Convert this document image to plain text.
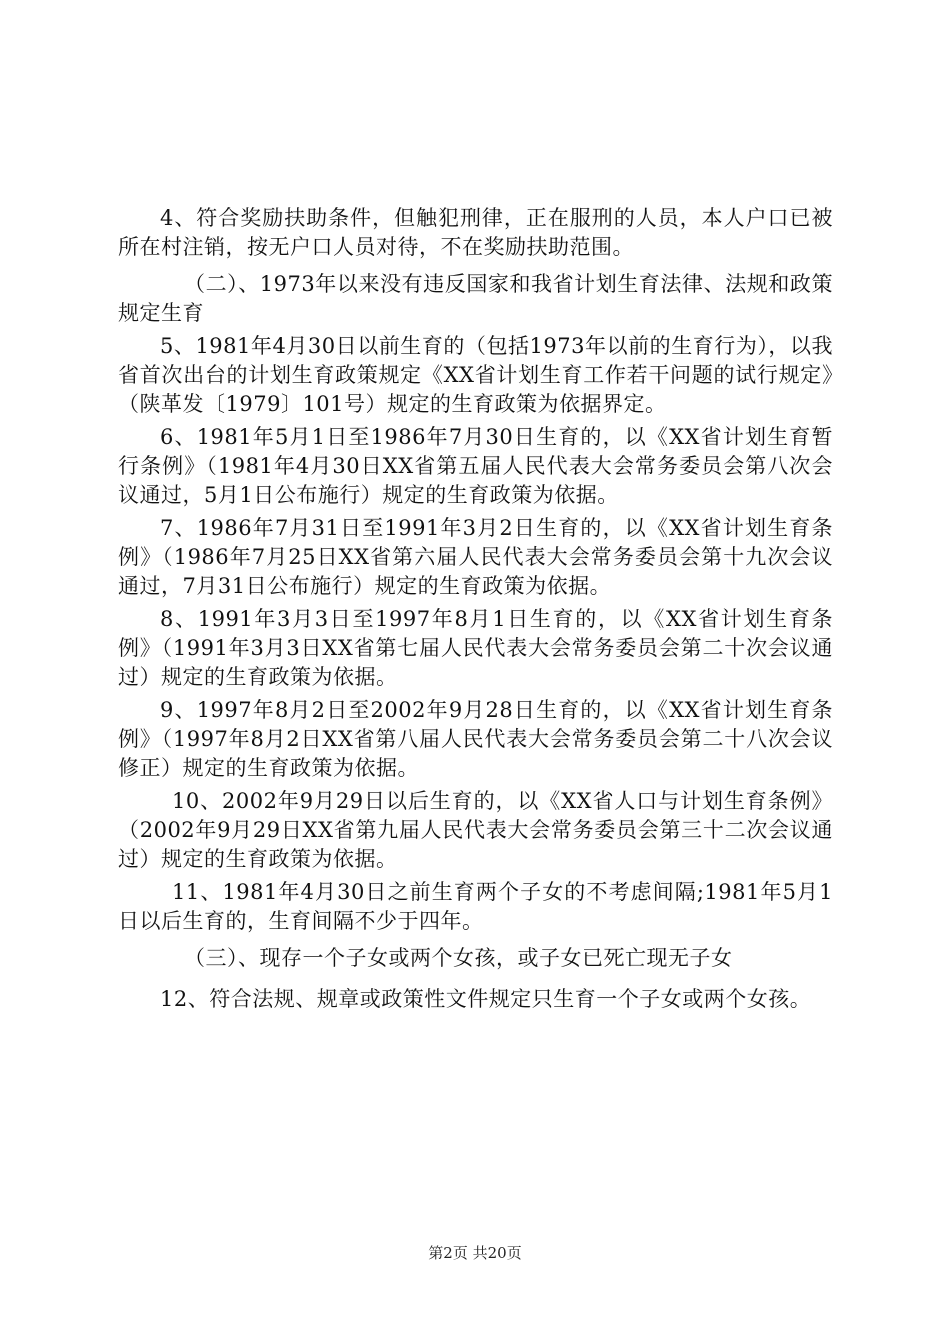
4、符合奖励扶助条件，但触犯刑律，正在服刑的人员，本人户口已被所在村注销，按无户口人员对待，不在奖励扶助范围。

（二）、1973年以来没有违反国家和我省计划生育法律、法规和政策规定生育

5、1981年4月30日以前生育的（包括1973年以前的生育行为），以我省首次出台的计划生育政策规定《XX省计划生育工作若干问题的试行规定》（陕革发〔1979〕101号）规定的生育政策为依据界定。

6、1981年5月1日至1986年7月30日生育的，以《XX省计划生育暂行条例》（1981年4月30日XX省第五届人民代表大会常务委员会第八次会议通过，5月1日公布施行）规定的生育政策为依据。

7、1986年7月31日至1991年3月2日生育的，以《XX省计划生育条例》（1986年7月25日XX省第六届人民代表大会常务委员会第十九次会议通过，7月31日公布施行）规定的生育政策为依据。

8、1991年3月3日至1997年8月1日生育的，以《XX省计划生育条例》（1991年3月3日XX省第七届人民代表大会常务委员会第二十次会议通过）规定的生育政策为依据。

9、1997年8月2日至2002年9月28日生育的，以《XX省计划生育条例》（1997年8月2日XX省第八届人民代表大会常务委员会第二十八次会议修正）规定的生育政策为依据。

10、2002年9月29日以后生育的，以《XX省人口与计划生育条例》（2002年9月29日XX省第九届人民代表大会常务委员会第三十二次会议通过）规定的生育政策为依据。

11、1981年4月30日之前生育两个子女的不考虑间隔;1981年5月1日以后生育的，生育间隔不少于四年。

（三）、现存一个子女或两个女孩，或子女已死亡现无子女

12、符合法规、规章或政策性文件规定只生育一个子女或两个女孩。

第2页 共20页
